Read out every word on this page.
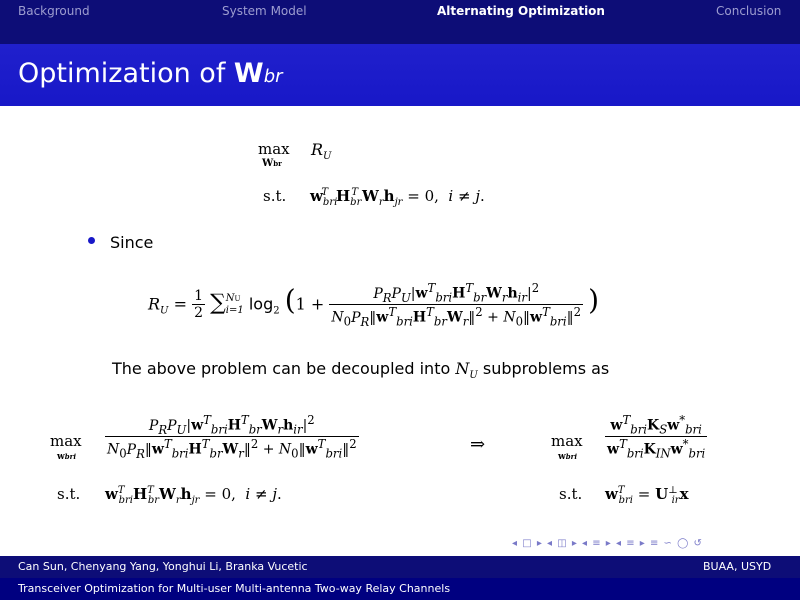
Background	System Model	Alternating Optimization	Conclusion
Optimization of Wbr
max
Wbr
$R_U$
s.t. $w_{bri}^T$ $H_{br}^T$ $W_rh_{jr} = 0$,  i ≠ j.
Since
$R_U = \frac{1}{2} \sum NU$
i=1 $\log_2 (1 + \frac{P_RP_U|w^T_{bri}H^T_{br}W_rh_{ir}|^2}{N_0P_R‖w^T_{bri}H^T_{br}W_r‖^2 + N_0‖w^T_{bri}‖^2}$ )
The above problem can be decoupled into $N_U$ subproblems as
max
wbri $\frac{P_RP_U|w^T_{bri}H^T_{br}W_rh_{ir}|^2}{N_0P_R‖w^T_{bri}H^T_{br}W_r‖^2 + N_0‖w^T_{bri}‖^2}$
s.t. $w^T_{bri}H^T_{br}W_rh_{jr} = 0$,  i ≠ j.
⇒	max
wbri $\frac{w^T_{bri}K_Sw^*_{bri}}{w^T_{bri}K_{IN}w^*_{bri}}$
s.t. $w^T_{bri} = U^\perp_{ir}x$
◂ □ ▸ ◂ ◫ ▸ ◂ ≡ ▸ ◂ ≡ ▸ ≡ ∽ ◯ ↺
Can Sun, Chenyang Yang, Yonghui Li, Branka Vucetic	BUAA, USYD
Transceiver Optimization for Multi-user Multi-antenna Two-way Relay Channels
